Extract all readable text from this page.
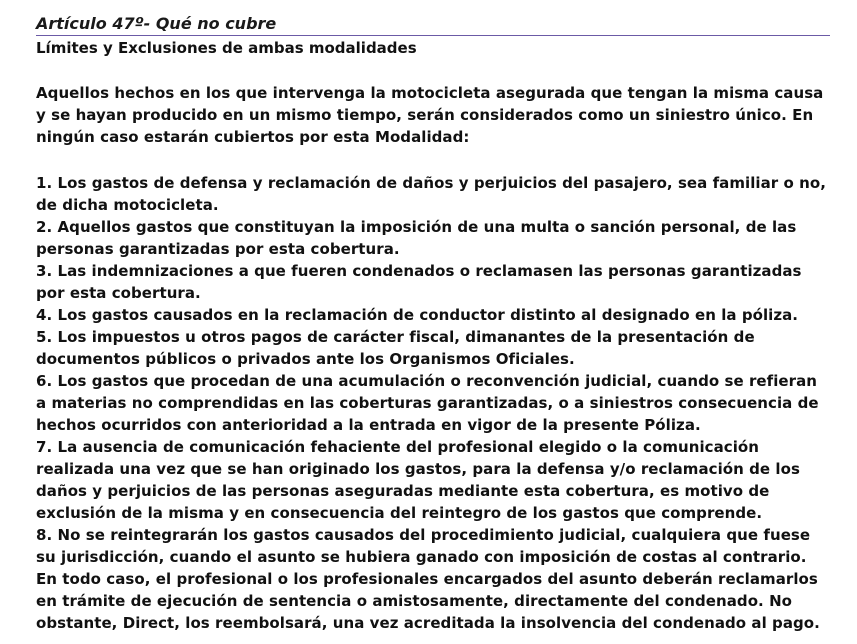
Artículo 47º- Qué no cubre
Límites y Exclusiones de ambas modalidades

Aquellos hechos en los que intervenga la motocicleta asegurada que tengan la misma causa y se hayan producido en un mismo tiempo, serán considerados como un siniestro único. En ningún caso estarán cubiertos por esta Modalidad:

1. Los gastos de defensa y reclamación de daños y perjuicios del pasajero, sea familiar o no, de dicha motocicleta.
2. Aquellos gastos que constituyan la imposición de una multa o sanción personal, de las personas garantizadas por esta cobertura.
3. Las indemnizaciones a que fueren condenados o reclamasen las personas garantizadas por esta cobertura.
4. Los gastos causados en la reclamación de conductor distinto al designado en la póliza.
5. Los impuestos u otros pagos de carácter fiscal, dimanantes de la presentación de documentos públicos o privados ante los Organismos Oficiales.
6. Los gastos que procedan de una acumulación o reconvención judicial, cuando se refieran a materias no comprendidas en las coberturas garantizadas, o a siniestros consecuencia de hechos ocurridos con anterioridad a la entrada en vigor de la presente Póliza.
7. La ausencia de comunicación fehaciente del profesional elegido o la comunicación realizada una vez que se han originado los gastos, para la defensa y/o reclamación de los daños y perjuicios de las personas aseguradas mediante esta cobertura, es motivo de exclusión de la misma y en consecuencia del reintegro de los gastos que comprende.
8. No se reintegrarán los gastos causados del procedimiento judicial, cualquiera que fuese su jurisdicción, cuando el asunto se hubiera ganado con imposición de costas al contrario. En todo caso, el profesional o los profesionales encargados del asunto deberán reclamarlos en trámite de ejecución de sentencia o amistosamente, directamente del condenado. No obstante, Direct, los reembolsará, una vez acreditada la insolvencia del condenado al pago.
